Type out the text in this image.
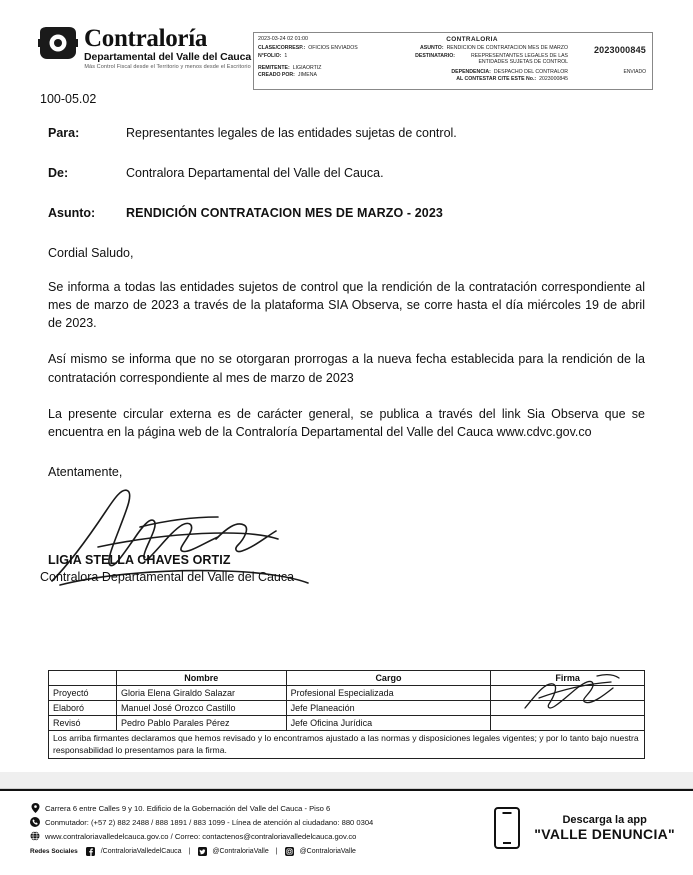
Contraloría
Departamental del Valle del Cauca
Más Control Fiscal desde el Territorio y menos desde el Escritorio
2023-03-24 02 01:00	CONTRALORIA
CLASE/CORRESP.: OFICIOS ENVIADOS
N°FOLIO: 1
REMITENTE: LIGIAORTIZ
CREADO POR: JIMENA
ASUNTO: RENDICION DE CONTRATACION MES DE MARZO
DESTINATARIO:	REEPRESENTANTES LEGALES DE LAS ENTIDADES SUJETAS DE CONTROL
DEPENDENCIA: DESPACHO DEL CONTRALOR
AL CONTESTAR CITE ESTE No.: 2023000845
2023000845
ENVIADO
100-05.02
Para:	Representantes legales de las entidades sujetas de control.
De:	Contralora Departamental del Valle del Cauca.
Asunto:	RENDICIÓN CONTRATACION MES DE MARZO - 2023
Cordial Saludo,
Se informa a todas las entidades sujetos de control que la rendición de la contratación correspondiente al mes de marzo de 2023 a través de la plataforma SIA Observa, se corre hasta el día miércoles 19 de abril de 2023.
Así mismo se informa que no se otorgaran prorrogas a la nueva fecha establecida para la rendición de la contratación correspondiente al mes de marzo de 2023
La presente circular externa es de carácter general, se publica a través del link Sia Observa que se encuentra en la página web de la Contraloría Departamental del Valle del Cauca www.cdvc.gov.co
Atentamente,
LIGIA STELLA CHAVES ORTIZ
Contralora Departamental del Valle del Cauca
	Nombre	Cargo	Firma
Proyectó	Gloria Elena Giraldo Salazar	Profesional Especializada	

Elaboró	Manuel José Orozco Castillo	Jefe Planeación	
Revisó	Pedro Pablo Parales Pérez	Jefe Oficina Jurídica	
Los arriba firmantes declaramos que hemos revisado y lo encontramos ajustado a las normas y disposiciones legales vigentes; y por lo tanto bajo nuestra responsabilidad lo presentamos para la firma.			
Carrera 6 entre Calles 9 y 10. Edificio de la Gobernación del Valle del Cauca - Piso 6
Conmutador: (+57 2) 882 2488 / 888 1891 / 883 1099 - Línea de atención al ciudadano: 880 0304
www.contraloriavalledelcauca.gov.co / Correo: contactenos@contraloriavalledelcauca.gov.co
Redes Sociales	/ContraloriaValledelCauca |	@ContraloriaValle |	@ContraloriaValle
Descarga la app
"VALLE DENUNCIA"
